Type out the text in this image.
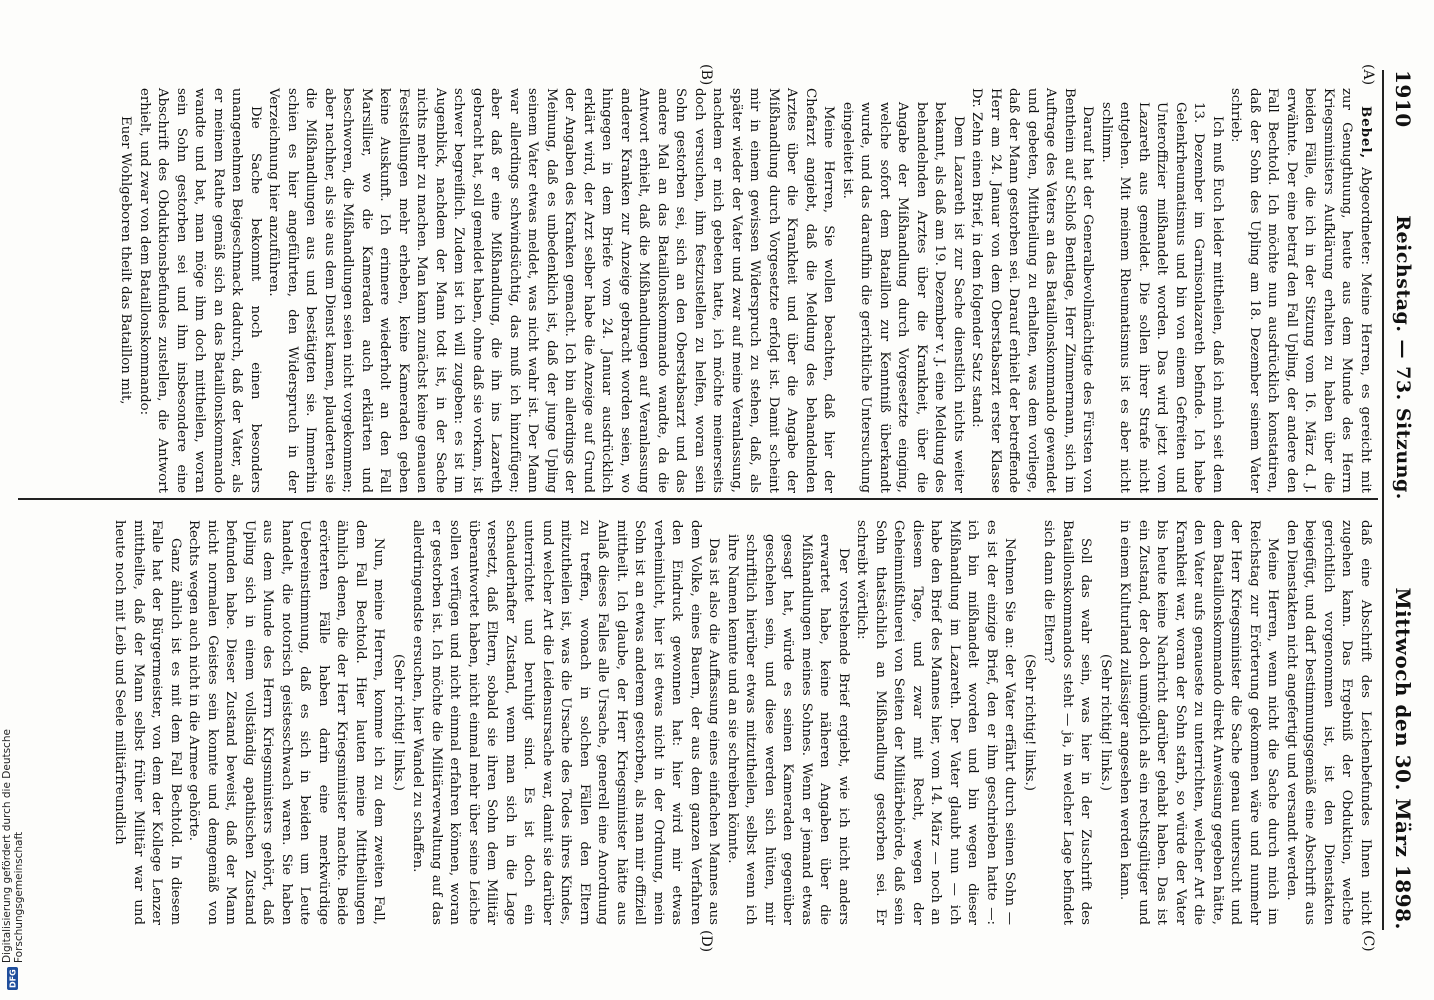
1910
Reichstag. — 73. Sitzung.
Mittwoch den 30. März 1898.
(A)
(B)
(C)
(D)

Bebel, Abgeordneter: Meine Herren, es gereicht mit zur Genugthuung, heute aus dem Munde des Herrn Kriegsministers Aufklärung erhalten zu haben über die beiden Fälle, die ich in der Sitzung vom 16. März d. J. erwähnte. Der eine betraf den Fall Upling, der andere den Fall Bechtold. Ich möchte nun ausdrücklich konstatiren, daß der Sohn des Upling am 18. Dezember seinem Vater schrieb:

Ich muß Euch leider mittheilen, daß ich mich seit dem 13. Dezember im Garnisonlazareth befinde. Ich habe Gelenkrheumatismus und bin von einem Gefreiten und Unteroffizier mißhandelt worden. Das wird jetzt vom Lazareth aus gemeldet. Die sollen ihrer Strafe nicht entgehen. Mit meinem Rheumatismus ist es aber nicht schlimm.

Darauf hat der Generalbevollmächtigte des Fürsten von Bentheim auf Schloß Bentlage, Herr Zimmermann, sich im Auftrage des Vaters an das Bataillonskommando gewendet und gebeten, Mittheilung zu erhalten, was dem vorliege, daß der Mann gestorben sei. Darauf erhielt der betreffende Herr am 24. Januar von dem Oberstabsarzt erster Klasse Dr. Zehn einen Brief, in dem folgender Satz stand:

Dem Lazareth ist zur Sache dienstlich nichts weiter bekannt, als daß am 19. Dezember v. J. eine Meldung des behandelnden Arztes über die Krankheit, über die Angabe der Mißhandlung durch Vorgesetzte einging, welche sofort dem Bataillon zur Kenntniß überkandt wurde, und das daraufhin die gerichtliche Untersuchung eingeleitet ist.

Meine Herren, Sie wollen beachten, daß hier der Chefarzt angiebt, daß die Meldung des behandelnden Arztes über die Krankheit und über die Angabe der Mißhandlung durch Vorgesetzte erfolgt ist. Damit scheint mir in einem gewissen Widerspruch zu stehen, daß, als später wieder der Vater und zwar auf meine Veranlassung, nachdem er mich gebeten hatte, ich möchte meinerseits doch versuchen, ihm festzustellen zu helfen, woran sein Sohn gestorben sei, sich an den Oberstabsarzt und das andere Mal an das Bataillonskommando wandte, da die Antwort erhielt, daß die Mißhandlungen auf Veranlassung anderer Kranken zur Anzeige gebracht worden seien, wo hingegen in dem Briefe vom 24. Januar ausdrücklich erklärt wird, der Arzt selber habe die Anzeige auf Grund der Angaben des Kranken gemacht. Ich bin allerdings der Meinung, daß es unbedenklich ist, daß der junge Upling seinem Vater etwas meldet, was nicht wahr ist. Der Mann war allerdings schwindsüchtig, das muß ich hinzufügen; aber daß er eine Mißhandlung, die ihn ins Lazareth gebracht hat, soll gemeldet haben, ohne daß sie vorkam, ist schwer begreiflich. Zudem ist ich will zugeben: es ist im Augenblick, nachdem der Mann todt ist, in der Sache nichts mehr zu machen. Man kann zunächst keine genauen Feststellungen mehr erheben, keine Kameraden geben keine Auskunft. Ich erinnere wiederholt an den Fall Marsillier, wo die Kameraden auch erklärten und beschworen, die Mißhandlungen seien nicht vorgekommen; aber nachher, als sie aus dem Dienst kamen, plauderten sie die Mißhandlungen aus und bestätigten sie. Immerhin schien es hier angeführten, den Widerspruch in der Verzeichnung hier anzuführen.

Die Sache bekommt noch einen besonders unangenehmen Beigeschmack dadurch, daß der Vater, als er meinem Rathe gemäß sich an das Bataillonskommando wandte und bat, man möge ihm doch mittheilen, woran sein Sohn gestorben sei und ihm insbesondere eine Abschrift des Obduktionsbefundes zustellen, die Antwort erhielt, und zwar von dem Bataillonskommando:

Euer Wohlgeboren theilt das Bataillon mit,

daß eine Abschrift des Leichenbefundes Ihnen nicht zugehen kann. Das Ergebniß der Obduktion, welche gerichtlich vorgenommen ist, ist den Dienstakten beigefügt, und darf bestimmungsgemäß eine Abschrift aus den Dienstakten nicht angefertigt und versandt werden.

Meine Herren, wenn nicht die Sache durch mich im Reichstag zur Erörterung gekommen wäre und nunmehr der Herr Kriegsminister die Sache genau untersucht und dem Bataillonskommando direkt Anweisung gegeben hätte, den Vater aufs genaueste zu unterrichten, welcher Art die Krankheit war, woran der Sohn starb, so würde der Vater bis heute keine Nachricht darüber gehabt haben. Das ist ein Zustand, der doch unmöglich als ein rechtsgültiger und in einem Kulturland zulässiger angesehen werden kann.

(Sehr richtig! links.)

Soll das wahr sein, was hier in der Zuschrift des Bataillonskommandos steht — ja, in welcher Lage befindet sich dann die Eltern?

(Sehr richtig! links.)

Nehmen Sie an: der Vater erfährt durch seinen Sohn — es ist der einzige Brief, den er ihm geschrieben hatte —: ich bin mißhandelt worden und bin wegen dieser Mißhandlung im Lazareth. Der Vater glaubt nun — ich habe den Brief des Mannes hier, vom 14. März — noch an diesem Tage, und zwar mit Recht, wegen der Geheimnißthuerei von Seiten der Militärbehörde, daß sein Sohn thatsächlich an Mißhandlung gestorben sei. Er schreibt wörtlich:

Der vorstehende Brief ergiebt, wie ich nicht anders erwartet habe, keine näheren Angaben über die Mißhandlungen meines Sohnes. Wenn er jemand etwas gesagt hat, würde es seinen Kameraden gegenüber geschehen sein, und diese werden sich hüten, mir schriftlich hierüber etwas mitzutheilen, selbst wenn ich ihre Namen kennte und an sie schreiben könnte.

Das ist also die Auffassung eines einfachen Mannes aus dem Volke, eines Bauern, der aus dem ganzen Verfahren den Eindruck gewonnen hat: hier wird mir etwas verheimlicht, hier ist etwas nicht in der Ordnung, mein Sohn ist an etwas anderem gestorben, als man mir offiziell mittheilt. Ich glaube, der Herr Kriegsminister hätte aus Anlaß dieses Falles alle Ursache, generell eine Anordnung zu treffen, wonach in solchen Fällen den Eltern mitzutheilen ist, was die Ursache des Todes ihres Kindes, und welcher Art die Leidensursache war, damit sie darüber unterrichtet und beruhigt sind. Es ist doch ein schauderhafter Zustand, wenn man sich in die Lage versetzt, daß Eltern, sobald sie ihren Sohn dem Militär überantwortet haben, nicht einmal mehr über seine Leiche sollen verfügen und nicht einmal erfahren können, woran er gestorben ist. Ich möchte die Militärverwaltung auf das allerdringendste ersuchen, hier Wandel zu schaffen.

(Sehr richtig! links.)

Nun, meine Herren, komme ich zu dem zweiten Fall, dem Fall Bechtold. Hier lauten meine Mittheilungen ähnlich denen, die der Herr Kriegsminister machte. Beide erörterten Fälle haben darin eine merkwürdige Uebereinstimmung, daß es sich in beiden um Leute handelt, die notorisch geistesschwach waren. Sie haben aus dem Munde des Herrn Kriegsministers gehört, daß Upling sich in einem vollständig apathischen Zustand befunden habe. Dieser Zustand beweist, daß der Mann nicht normalen Geistes sein konnte und demgemäß von Rechts wegen auch nicht in die Armee gehörte.

Ganz ähnlich ist es mit dem Fall Bechtold. In diesem Falle hat der Bürgermeister, von dem der Kollege Lenzer mittheilte, daß der Mann selbst früher Militär war und heute noch mit Leib und Seele militärfreundlich

DFG
Digitalisierung gefördert durch die Deutsche Forschungsgemeinschaft
